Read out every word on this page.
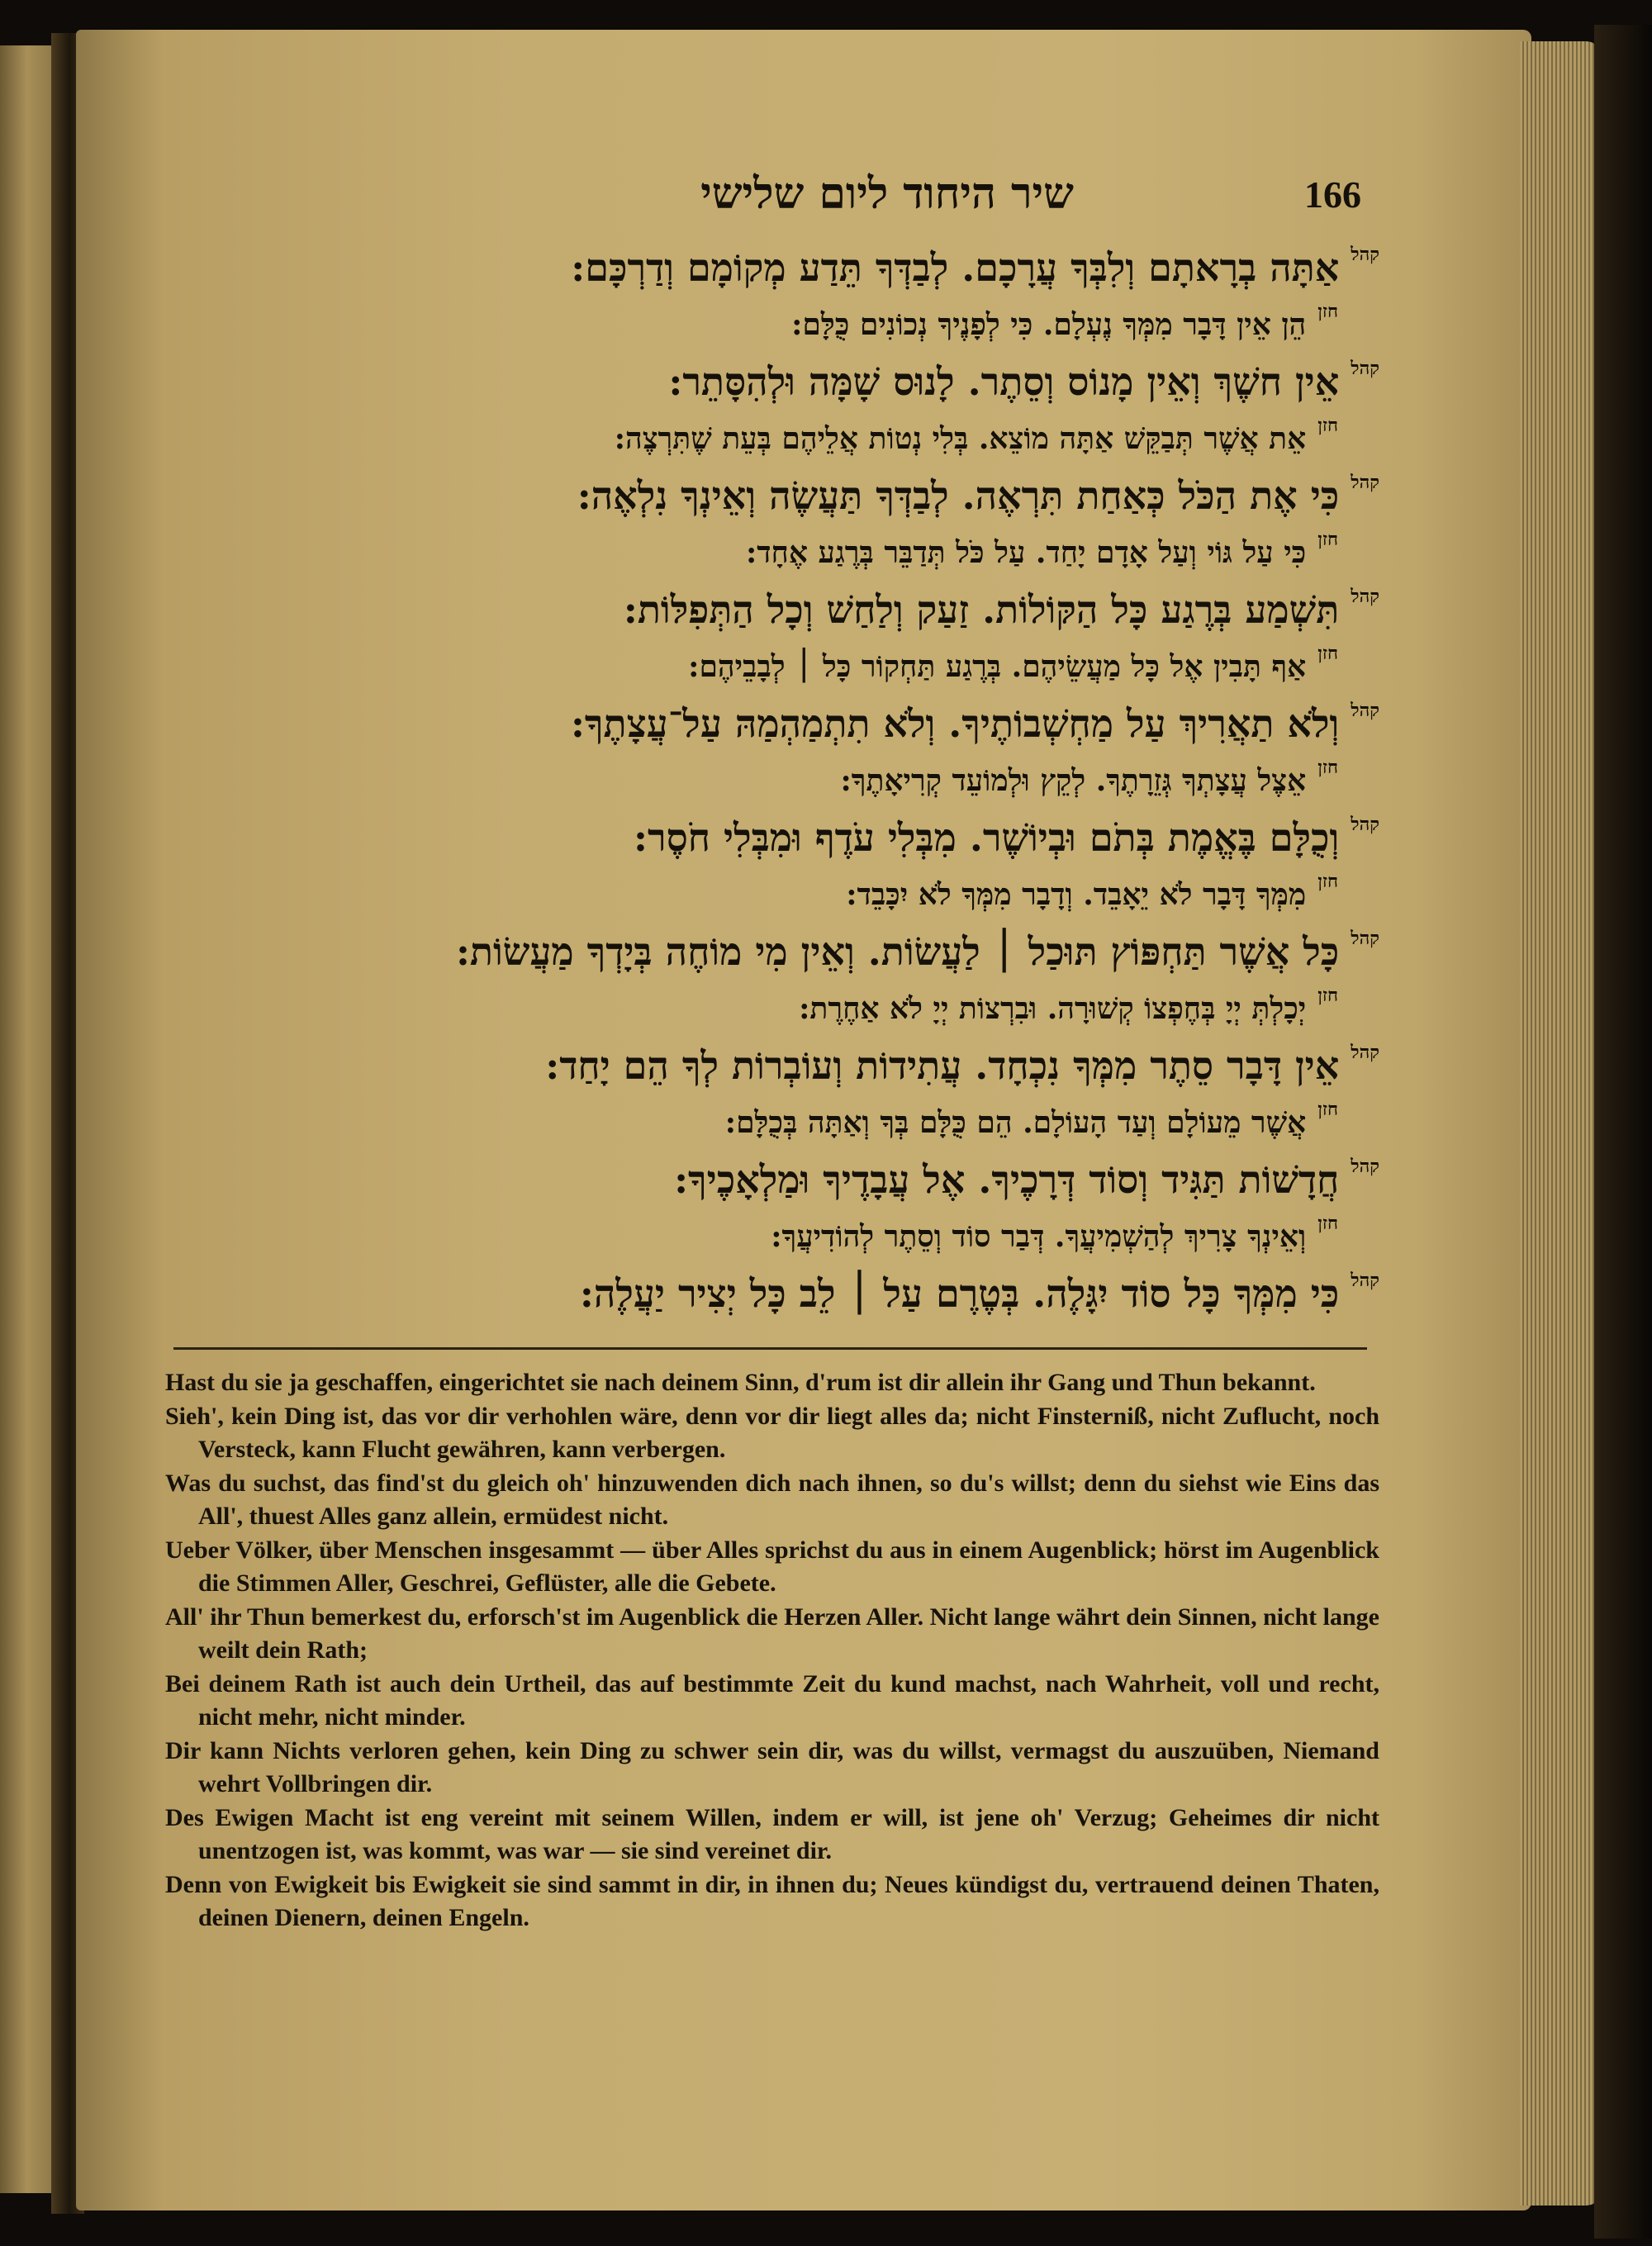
שיר היחוד ליום שלישי	166
קהלאַתָּה בְרָאתָם וְלִבְּךָ עֲרָכָם. לְבַדְּךָ תֵּדַע מְקוֹמָם וְדַרְכָּם:
חזןהֵן אֵין דָּבָר מִמְּךָ נֶעְלָם. כִּי לְפָנֶיךָ נְכוֹנִים כֻּלָּם:
קהלאֵין חשֶׁךְ וְאֵין מָנוֹס וְסֵתֶר. לָנוּס שָׁמָּה וּלְהִסָּתֵר:
חזןאֵת אֲשֶׁר תְּבַקֵּשׁ אַתָּה מוֹצֵא. בְּלִי נְטוֹת אֲלֵיהֶם בְּעֵת שֶׁתִּרְצֶה:
קהלכִּי אֶת הַכֹּל כְּאַחַת תִּרְאֶה. לְבַדְּךָ תַּעֲשֶׂה וְאֵינְךָ נִלְאֶה:
חזןכִּי עַל גּוֹי וְעַל אָדָם יָחַד. עַל כֹּל תְּדַבֵּר בְּרֶגַע אֶחָד:
קהלתִּשְׁמַע בְּרֶגַע כָּל הַקּוֹלוֹת. זַעַק וְלַחַשׁ וְכָל הַתְּפִלּוֹת:
חזןאַף תָּבִין אֶל כָּל מַעֲשֵׂיהֶם. בְּרֶגַע תַּחְקוֹר כָּל ׀ לְבָבֵיהֶם:
קהלוְלֹא תַאֲרִיךְ עַל מַחְשְׁבוֹתֶיךָ. וְלֹא תִתְמַהְמַהּ עַל־עֲצָתֶךָ:
חזןאֵצֶל עֲצָתְךָ גְּזֵרָתֶךָ. לְקֵץ וּלְמוֹעֵד קְרִיאָתֶךָ:
קהלוְכֻלָּם בֶּאֱמֶת בְּתֹם וּבְיוֹשֶׁר. מִבְּלִי עֹדֶף וּמִבְּלִי חֹסֶר:
חזןמִמְּךָ דָּבָר לֹא יֵאָבֵד. וְדָבָר מִמְּךָ לֹא יִכָּבֵד:
קהלכָּל אֲשֶׁר תַּחְפּוֹץ תּוּכַל ׀ לַעֲשׂוֹת. וְאֵין מִי מוֹחֶה בְּיָדְךָ מַעֲשׂוֹת:
חזןיְכָלְתְּ יְיָ בְּחֶפְצוֹ קְשׁוּרָה. וּבִרְצוֹת יְיָ לֹא אַחֶרֶת:
קהלאֵין דָּבָר סֵתֶר מִמְּךָ נִכְחָד. עֲתִידוֹת וְעוֹבְרוֹת לְךָ הֵם יָחַד:
חזןאֲשֶׁר מֵעוֹלָם וְעַד הָעוֹלָם. הֵם כֻּלָּם בְּךָ וְאַתָּה בְּכֻלָּם:
קהלחֲדָשׁוֹת תַּגִּיד וְסוֹד דְּרָכֶיךָ. אֶל עֲבָדֶיךָ וּמַלְאָכֶיךָ:
חזןוְאֵינְךָ צָרִיךְ לְהַשְׁמִיעֲךָ. דְּבַר סוֹד וְסֵתֶר לְהוֹדִיעֲךָ:
קהלכִּי מִמְּךָ כָּל סוֹד יִגָּלֶה. בְּטֶרֶם עַל ׀ לֵב כָּל יְצִיר יַעֲלֶה:

Hast du sie ja geschaffen, eingerichtet sie nach deinem Sinn, d'rum ist dir allein ihr Gang und Thun bekannt.

Sieh', kein Ding ist, das vor dir verhohlen wäre, denn vor dir liegt alles da; nicht Finsterniß, nicht Zuflucht, noch Versteck, kann Flucht gewähren, kann verbergen.

Was du suchst, das find'st du gleich oh' hinzuwenden dich nach ihnen, so du's willst; denn du siehst wie Eins das All', thuest Alles ganz allein, ermüdest nicht.

Ueber Völker, über Menschen insgesammt — über Alles sprichst du aus in einem Augenblick; hörst im Augenblick die Stimmen Aller, Geschrei, Geflüster, alle die Gebete.

All' ihr Thun bemerkest du, erforsch'st im Augenblick die Herzen Aller. Nicht lange währt dein Sinnen, nicht lange weilt dein Rath;

Bei deinem Rath ist auch dein Urtheil, das auf bestimmte Zeit du kund machst, nach Wahrheit, voll und recht, nicht mehr, nicht minder.

Dir kann Nichts verloren gehen, kein Ding zu schwer sein dir, was du willst, vermagst du auszuüben, Niemand wehrt Vollbringen dir.

Des Ewigen Macht ist eng vereint mit seinem Willen, indem er will, ist jene oh' Verzug; Geheimes dir nicht unentzogen ist, was kommt, was war — sie sind vereinet dir.

Denn von Ewigkeit bis Ewigkeit sie sind sammt in dir, in ihnen du; Neues kündigst du, vertrauend deinen Thaten, deinen Dienern, deinen Engeln.
